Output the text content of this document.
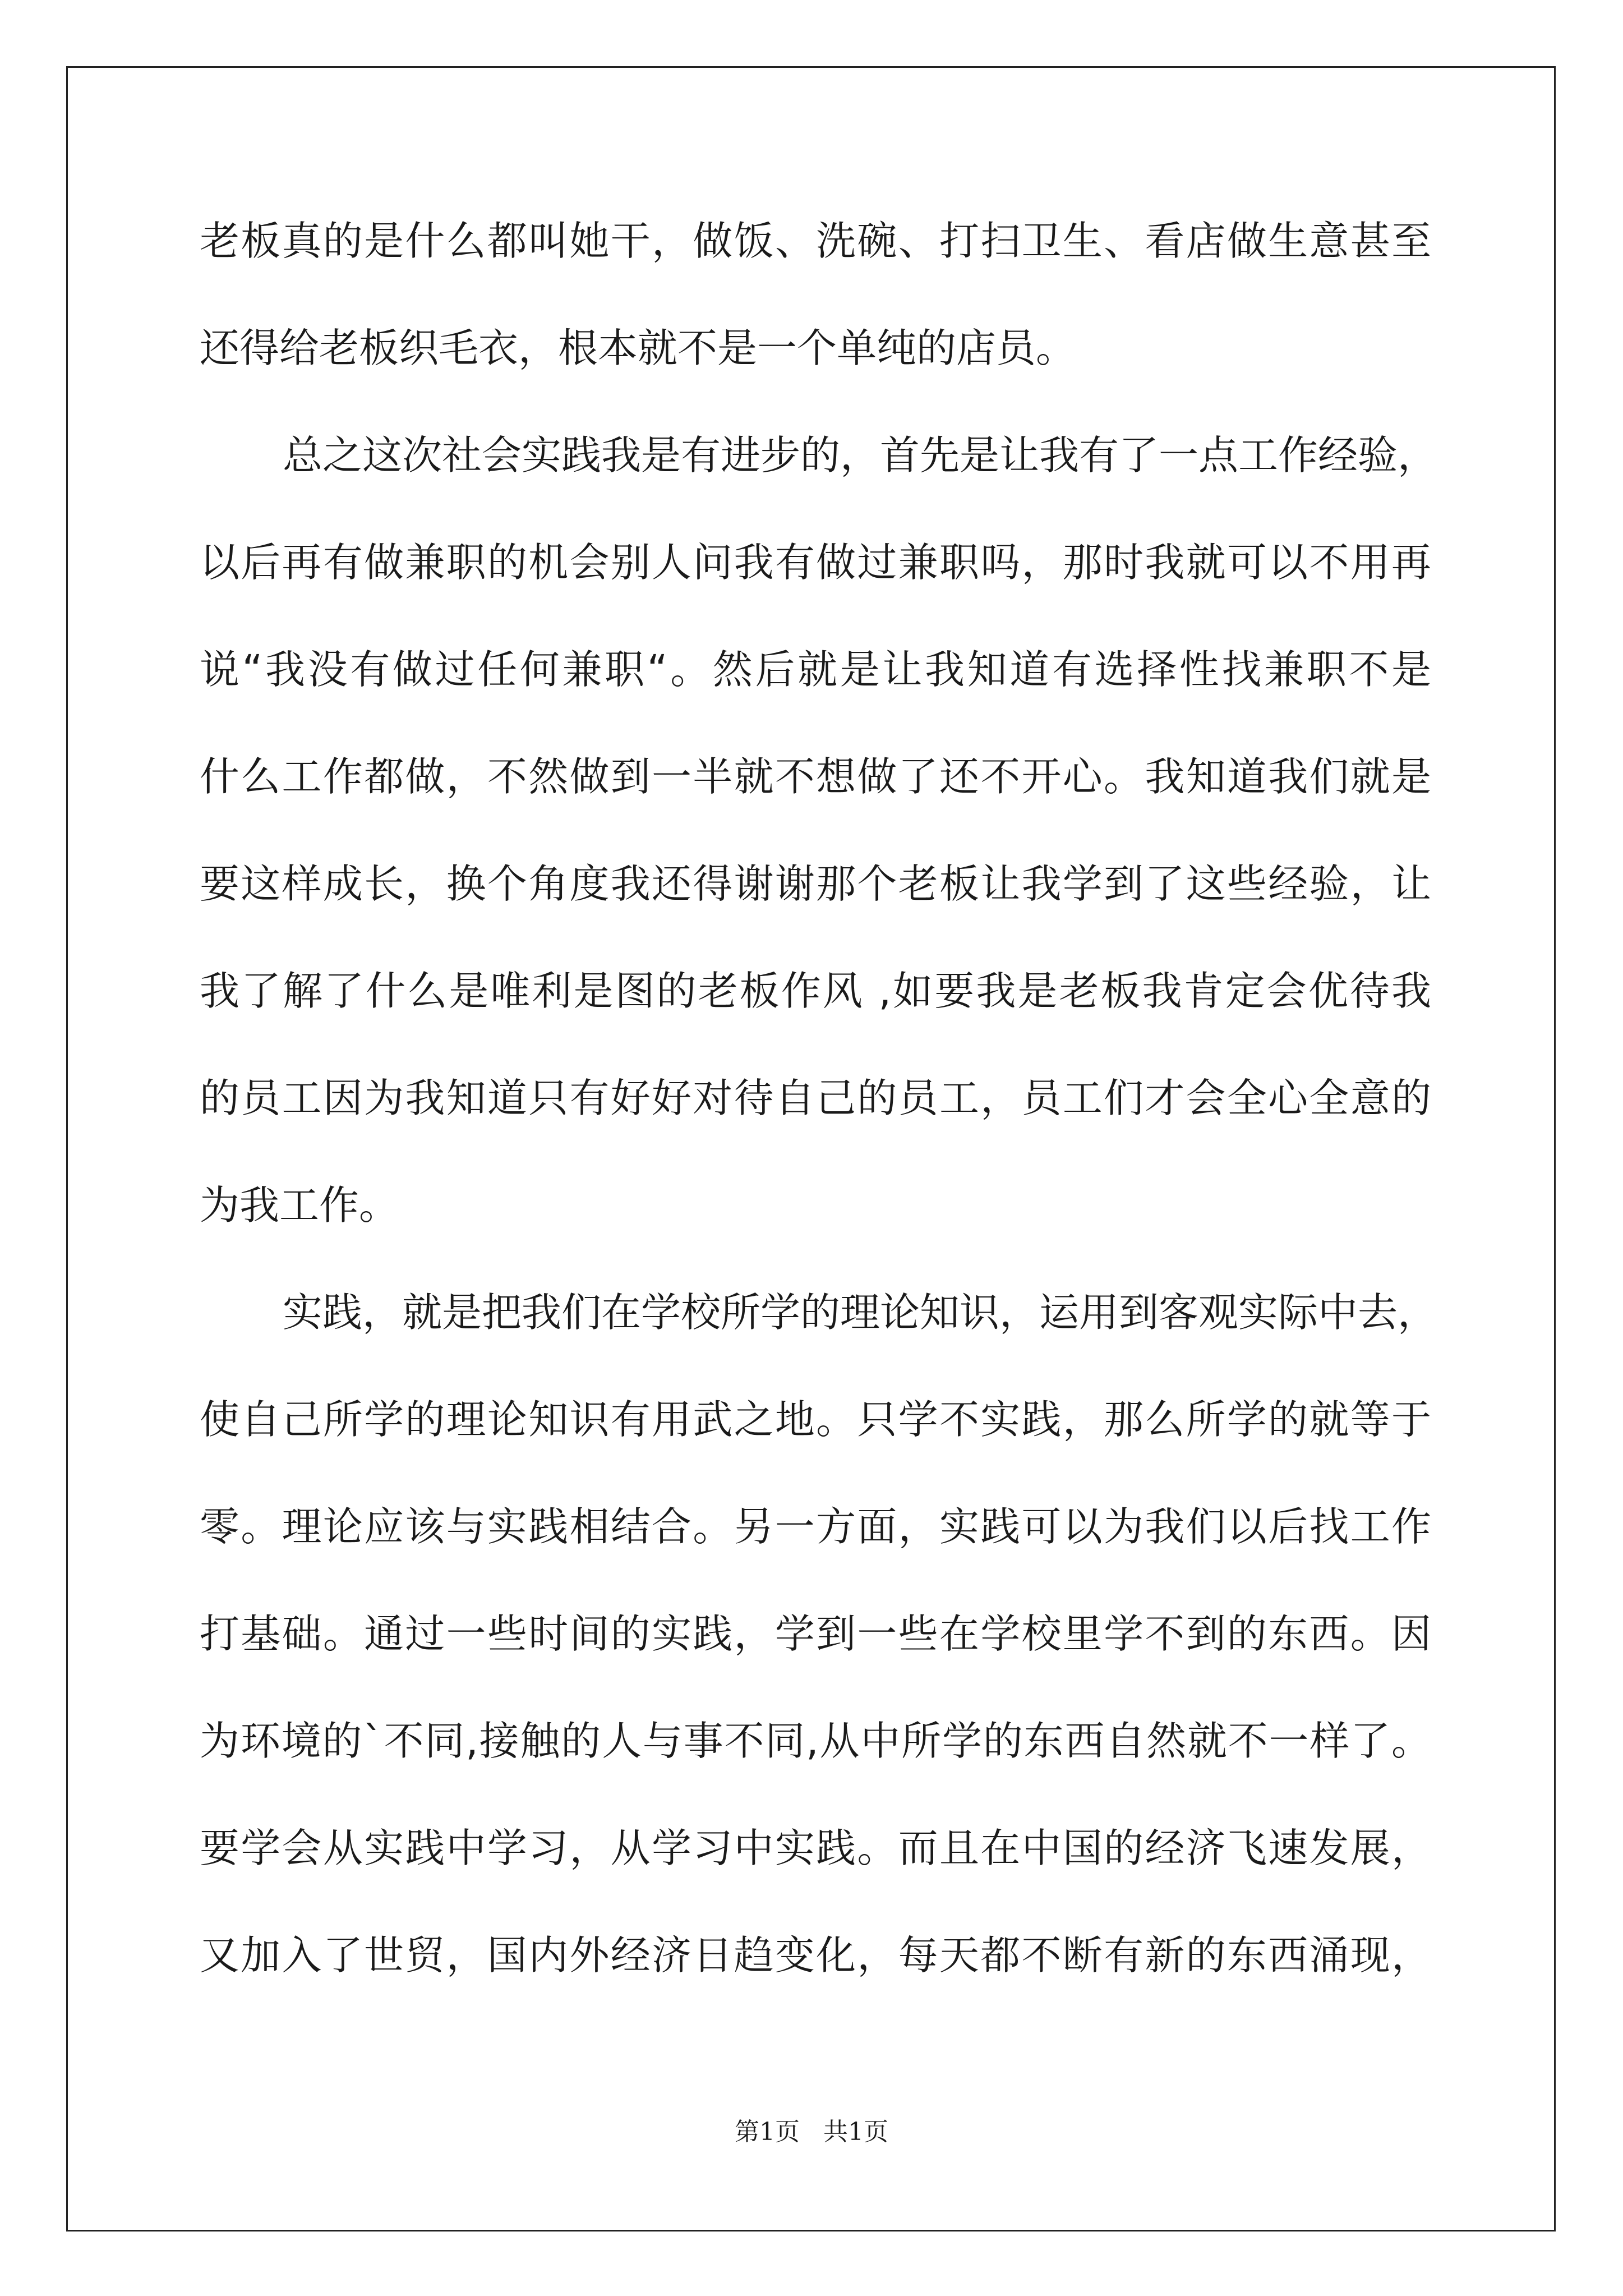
老板真的是什么都叫她干，做饭、洗碗、打扫卫生、看店做生意甚至
还得给老板织毛衣，根本就不是一个单纯的店员。
总之这次社会实践我是有进步的，首先是让我有了一点工作经验，
以后再有做兼职的机会别人问我有做过兼职吗，那时我就可以不用再
说“我没有做过任何兼职“。然后就是让我知道有选择性找兼职不是
什么工作都做，不然做到一半就不想做了还不开心。我知道我们就是
要这样成长，换个角度我还得谢谢那个老板让我学到了这些经验，让
我了解了什么是唯利是图的老板作风 ,如要我是老板我肯定会优待我
的员工因为我知道只有好好对待自己的员工，员工们才会全心全意的
为我工作。
实践，就是把我们在学校所学的理论知识，运用到客观实际中去，
使自己所学的理论知识有用武之地。只学不实践，那么所学的就等于
零。理论应该与实践相结合。另一方面，实践可以为我们以后找工作
打基础。通过一些时间的实践，学到一些在学校里学不到的东西。因
为环境的`不同,接触的人与事不同,从中所学的东西自然就不一样了。
要学会从实践中学习，从学习中实践。而且在中国的经济飞速发展，
又加入了世贸，国内外经济日趋变化，每天都不断有新的东西涌现，
第1页   共1页
